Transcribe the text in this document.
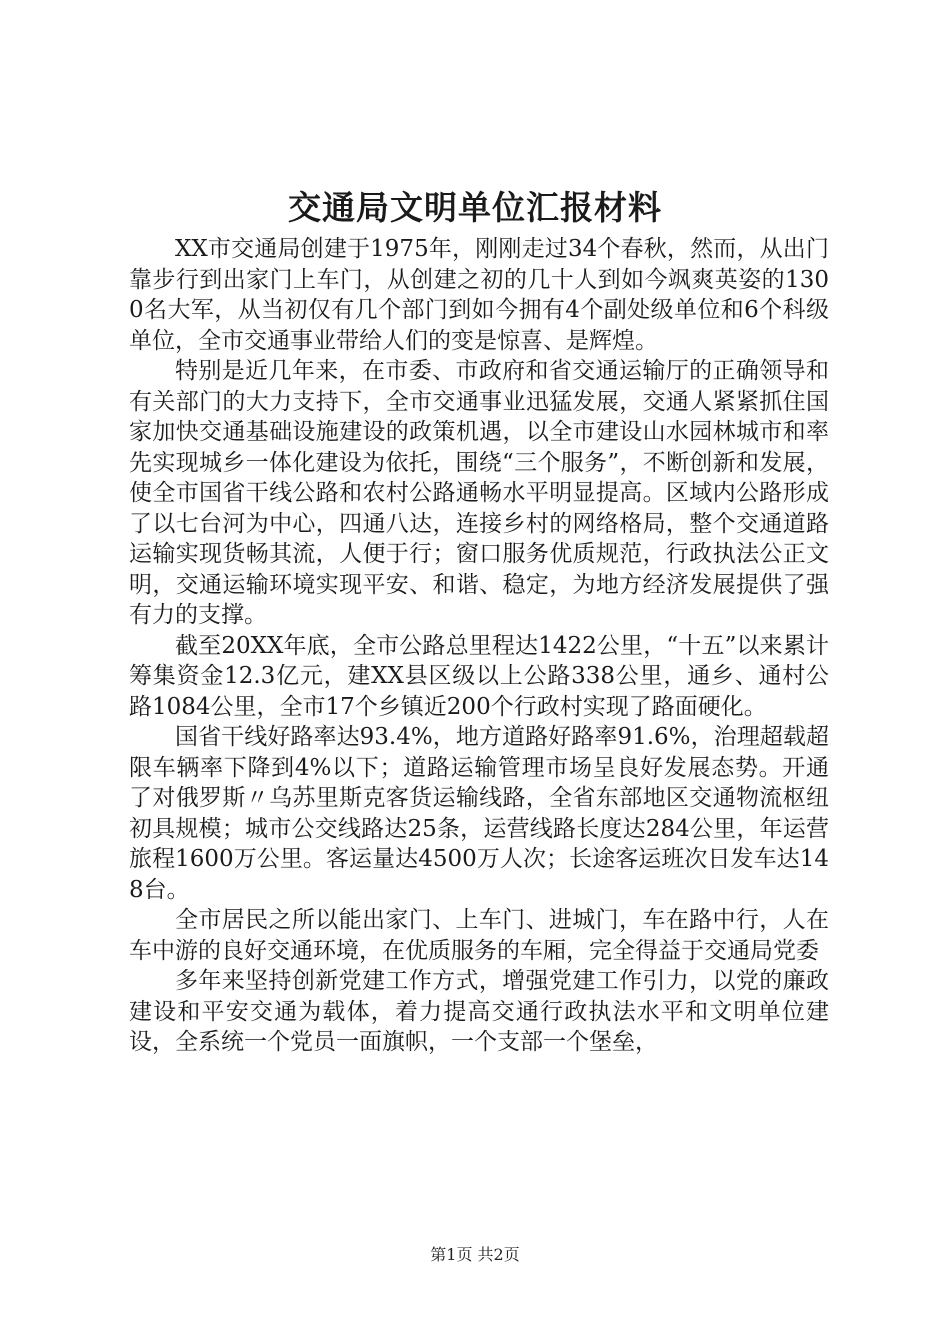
交通局文明单位汇报材料

XX市交通局创建于1975年，刚刚走过34个春秋，然而，从出门靠步行到出家门上车门，从创建之初的几十人到如今飒爽英姿的1300名大军，从当初仅有几个部门到如今拥有4个副处级单位和6个科级单位，全市交通事业带给人们的变是惊喜、是辉煌。

特别是近几年来，在市委、市政府和省交通运输厅的正确领导和有关部门的大力支持下，全市交通事业迅猛发展，交通人紧紧抓住国家加快交通基础设施建设的政策机遇，以全市建设山水园林城市和率先实现城乡一体化建设为依托，围绕“三个服务”，不断创新和发展，使全市国省干线公路和农村公路通畅水平明显提高。区域内公路形成了以七台河为中心，四通八达，连接乡村的网络格局，整个交通道路运输实现货畅其流，人便于行；窗口服务优质规范，行政执法公正文明，交通运输环境实现平安、和谐、稳定，为地方经济发展提供了强有力的支撑。

截至20XX年底，全市公路总里程达1422公里，“十五”以来累计筹集资金12.3亿元，建XX县区级以上公路338公里，通乡、通村公路1084公里，全市17个乡镇近200个行政村实现了路面硬化。

国省干线好路率达93.4%，地方道路好路率91.6%，治理超载超限车辆率下降到4%以下；道路运输管理市场呈良好发展态势。开通了对俄罗斯〃乌苏里斯克客货运输线路，全省东部地区交通物流枢纽初具规模；城市公交线路达25条，运营线路长度达284公里，年运营旅程1600万公里。客运量达4500万人次；长途客运班次日发车达148台。

全市居民之所以能出家门、上车门、进城门，车在路中行，人在车中游的良好交通环境，在优质服务的车厢，完全得益于交通局党委

多年来坚持创新党建工作方式，增强党建工作引力，以党的廉政建设和平安交通为载体，着力提高交通行政执法水平和文明单位建设，全系统一个党员一面旗帜，一个支部一个堡垒，

第1页 共2页
